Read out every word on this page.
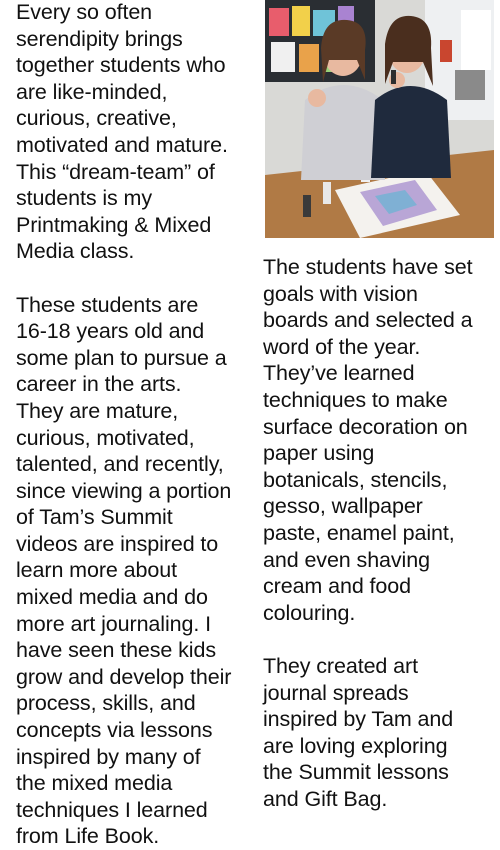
Every so often
serendipity brings
together students who
are like-minded,
curious, creative,
motivated and mature.
This “dream-team” of
students is my
Printmaking & Mixed
Media class.

These students are
16-18 years old and
some plan to pursue a
career in the arts.
They are mature,
curious, motivated,
talented, and recently,
since viewing a portion
of Tam’s Summit
videos are inspired to
learn more about
mixed media and do
more art journaling. I
have seen these kids
grow and develop their
process, skills, and
concepts via lessons
inspired by many of
the mixed media
techniques I learned
from Life Book.

The students have set
goals with vision
boards and selected a
word of the year.
They’ve learned
techniques to make
surface decoration on
paper using
botanicals, stencils,
gesso, wallpaper
paste, enamel paint,
and even shaving
cream and food
colouring.

They created art
journal spreads
inspired by Tam and
are loving exploring
the Summit lessons
and Gift Bag.
